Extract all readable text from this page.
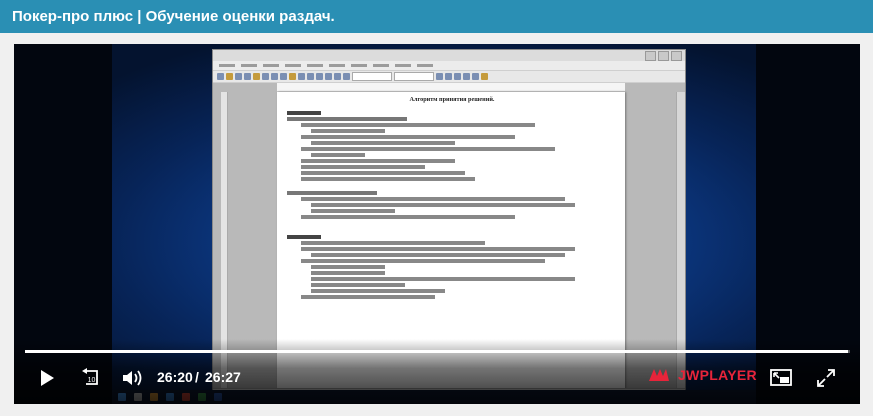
Покер-про плюс | Обучение оценки раздач.
Алгоритм принятия решений.
10	26:20 / 26:27	JWPLAYER
